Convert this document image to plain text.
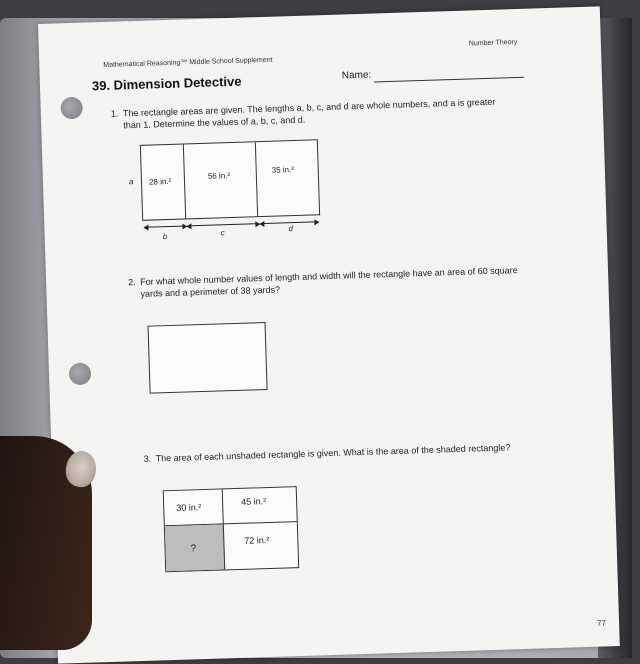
Mathematical Reasoning™ Middle School Supplement
Number Theory
39. Dimension Detective	Name:
1. The rectangle areas are given. The lengths a, b, c, and d are whole numbers, and a is greater
than 1. Determine the values of a, b, c, and d.
a 28 in.²
56 in.²
35 in.²
b	c	d
2. For what whole number values of length and width will the rectangle have an area of 60 square
yards and a perimeter of 38 yards?
3. The area of each unshaded rectangle is given. What is the area of the shaded rectangle?
30 in.²
45 in.²
?
72 in.²
77
